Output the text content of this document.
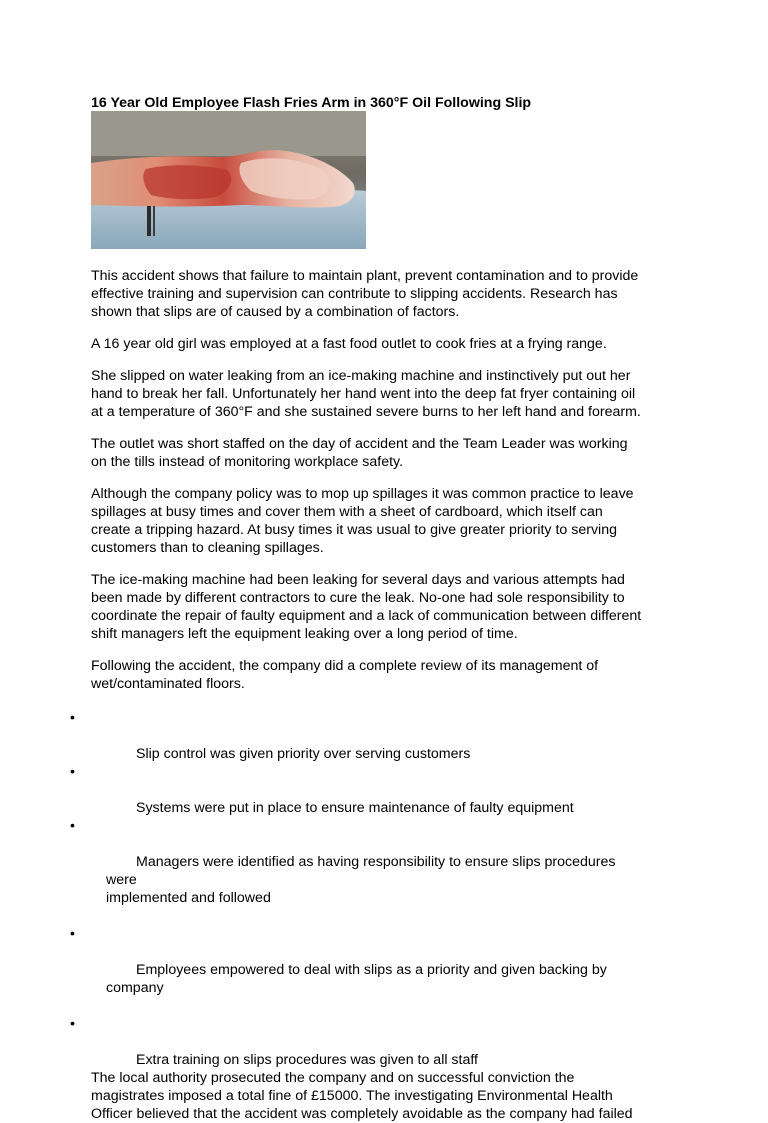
16 Year Old Employee Flash Fries Arm in 360°F Oil Following Slip

This accident shows that failure to maintain plant, prevent contamination and to provide
effective training and supervision can contribute to slipping accidents. Research has
shown that slips are of caused by a combination of factors.

A 16 year old girl was employed at a fast food outlet to cook fries at a frying range.

She slipped on water leaking from an ice-making machine and instinctively put out her
hand to break her fall. Unfortunately her hand went into the deep fat fryer containing oil
at a temperature of 360°F and she sustained severe burns to her left hand and forearm.

The outlet was short staffed on the day of accident and the Team Leader was working
on the tills instead of monitoring workplace safety.

Although the company policy was to mop up spillages it was common practice to leave
spillages at busy times and cover them with a sheet of cardboard, which itself can
create a tripping hazard. At busy times it was usual to give greater priority to serving
customers than to cleaning spillages.

The ice-making machine had been leaking for several days and various attempts had
been made by different contractors to cure the leak. No-one had sole responsibility to
coordinate the repair of faulty equipment and a lack of communication between different
shift managers left the equipment leaking over a long period of time.

Following the accident, the company did a complete review of its management of
wet/contaminated floors.

•

Slip control was given priority over serving customers

•

Systems were put in place to ensure maintenance of faulty equipment

•

Managers were identified as having responsibility to ensure slips procedures

were
implemented and followed

•

Employees empowered to deal with slips as a priority and given backing by

company

•

Extra training on slips procedures was given to all staff

The local authority prosecuted the company and on successful conviction the
magistrates imposed a total fine of £15000. The investigating Environmental Health
Officer believed that the accident was completely avoidable as the company had failed
